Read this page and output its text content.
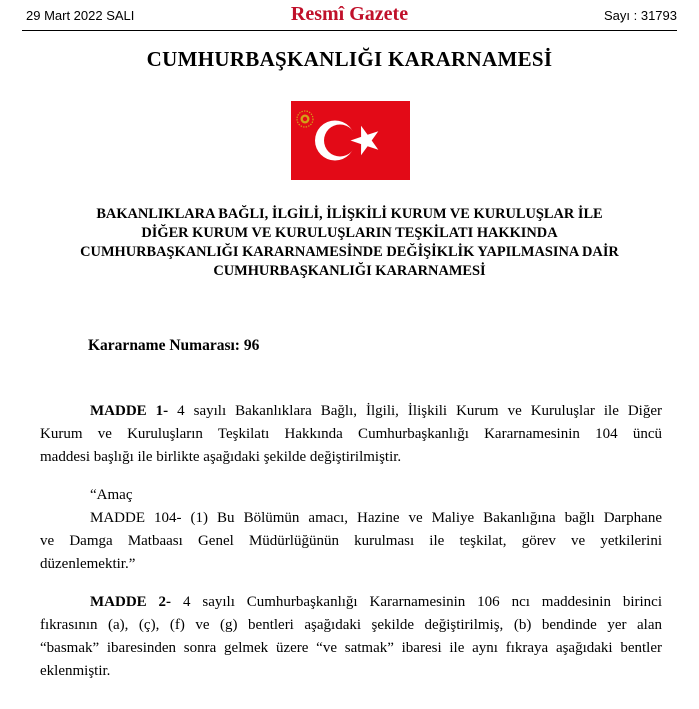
29 Mart 2022 SALI	Resmî Gazete	Sayı : 31793
CUMHURBAŞKANLIĞI KARARNAMESİ
BAKANLIKLARA BAĞLI, İLGİLİ, İLİŞKİLİ KURUM VE KURULUŞLAR İLE
DİĞER KURUM VE KURULUŞLARIN TEŞKİLATI HAKKINDA
CUMHURBAŞKANLIĞI KARARNAMESİNDE DEĞİŞİKLİK YAPILMASINA DAİR
CUMHURBAŞKANLIĞI KARARNAMESİ
Kararname Numarası: 96
MADDE 1- 4 sayılı Bakanlıklara Bağlı, İlgili, İlişkili Kurum ve Kuruluşlar ile Diğer
Kurum ve Kuruluşların Teşkilatı Hakkında Cumhurbaşkanlığı Kararnamesinin 104 üncü
maddesi başlığı ile birlikte aşağıdaki şekilde değiştirilmiştir.
“Amaç
MADDE 104- (1) Bu Bölümün amacı, Hazine ve Maliye Bakanlığına bağlı Darphane
ve Damga Matbaası Genel Müdürlüğünün kurulması ile teşkilat, görev ve yetkilerini
düzenlemektir.”
MADDE 2- 4 sayılı Cumhurbaşkanlığı Kararnamesinin 106 ncı maddesinin birinci
fıkrasının (a), (ç), (f) ve (g) bentleri aşağıdaki şekilde değiştirilmiş, (b) bendinde yer alan
“basmak” ibaresinden sonra gelmek üzere “ve satmak” ibaresi ile aynı fıkraya aşağıdaki bentler
eklenmiştir.
